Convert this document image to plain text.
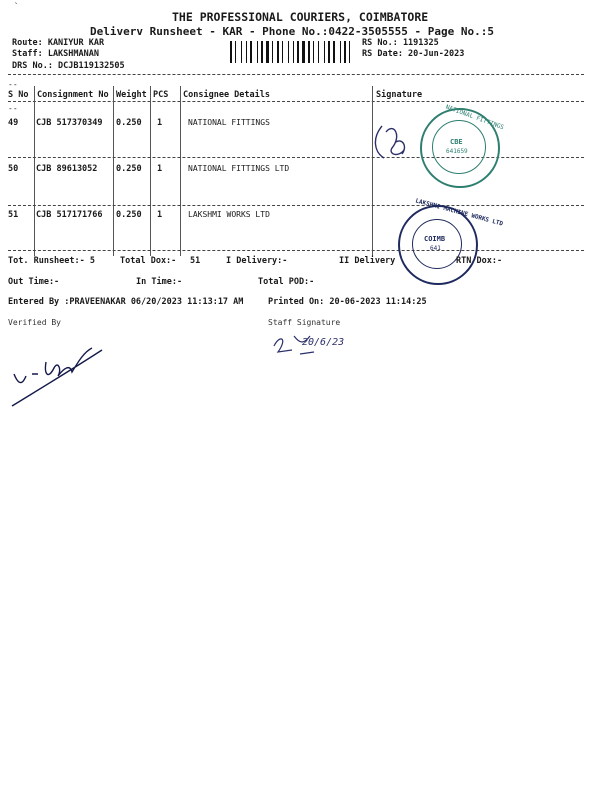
`
THE PROFESSIONAL COURIERS, COIMBATORE
Deliverv Runsheet - KAR - Phone No.:0422-3505555 - Page No.:5
Route: KANIYUR KAR
Staff: LAKSHMANAN
DRS No.: DCJB119132505
RS No.: 1191325
RS Date: 20-Jun-2023
--
S No Consignment No Weight PCS Consignee Details	Signature
--
49 CJB 517370349 0.250 1	NATIONAL FITTINGS
50 CJB 89613052 0.250 1	NATIONAL FITTINGS LTD
51 CJB 517171766 0.250 1	LAKSHMI WORKS LTD
NATIONAL FITTINGS
CBE
641659
LAKSHMI MACHINE WORKS LTD
COIMB
641
Tot. Runsheet:- 5	Total Dox:- 51	I Delivery:-	II Delivery	RTN Dox:-
Out Time:-	In Time:-	Total POD:-
Entered By :PRAVEENAKAR 06/20/2023 11:13:17 AM	Printed On: 20-06-2023 11:14:25
Verified By	Staff Signature
20/6/23
